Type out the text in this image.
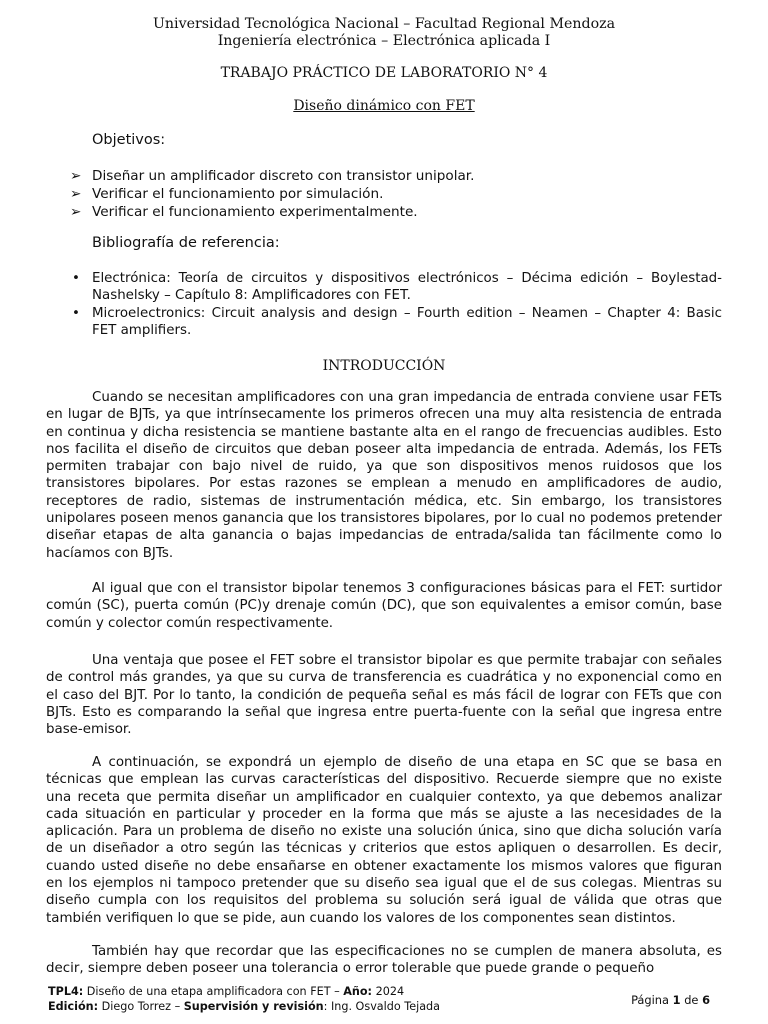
Universidad Tecnológica Nacional – Facultad Regional Mendoza
Ingeniería electrónica – Electrónica aplicada I
TRABAJO PRÁCTICO DE LABORATORIO N° 4
Diseño dinámico con FET
Objetivos:
➢ Diseñar un amplificador discreto con transistor unipolar.
➢ Verificar el funcionamiento por simulación.
➢ Verificar el funcionamiento experimentalmente.
Bibliografía de referencia:
• Electrónica: Teoría de circuitos y dispositivos electrónicos – Décima edición – Boylestad-Nashelsky – Capítulo 8: Amplificadores con FET.
• Microelectronics: Circuit analysis and design – Fourth edition – Neamen – Chapter 4: Basic FET amplifiers.
INTRODUCCIÓN

Cuando se necesitan amplificadores con una gran impedancia de entrada conviene usar FETs en lugar de BJTs, ya que intrínsecamente los primeros ofrecen una muy alta resistencia de entrada en continua y dicha resistencia se mantiene bastante alta en el rango de frecuencias audibles. Esto nos facilita el diseño de circuitos que deban poseer alta impedancia de entrada. Además, los FETs permiten trabajar con bajo nivel de ruido, ya que son dispositivos menos ruidosos que los transistores bipolares. Por estas razones se emplean a menudo en amplificadores de audio, receptores de radio, sistemas de instrumentación médica, etc. Sin embargo, los transistores unipolares poseen menos ganancia que los transistores bipolares, por lo cual no podemos pretender diseñar etapas de alta ganancia o bajas impedancias de entrada/salida tan fácilmente como lo hacíamos con BJTs.

Al igual que con el transistor bipolar tenemos 3 configuraciones básicas para el FET: surtidor común (SC), puerta común (PC)y drenaje común (DC), que son equivalentes a emisor común, base común y colector común respectivamente.

Una ventaja que posee el FET sobre el transistor bipolar es que permite trabajar con señales de control más grandes, ya que su curva de transferencia es cuadrática y no exponencial como en el caso del BJT. Por lo tanto, la condición de pequeña señal es más fácil de lograr con FETs que con BJTs. Esto es comparando la señal que ingresa entre puerta-fuente con la señal que ingresa entre base-emisor.

A continuación, se expondrá un ejemplo de diseño de una etapa en SC que se basa en técnicas que emplean las curvas características del dispositivo. Recuerde siempre que no existe una receta que permita diseñar un amplificador en cualquier contexto, ya que debemos analizar cada situación en particular y proceder en la forma que más se ajuste a las necesidades de la aplicación. Para un problema de diseño no existe una solución única, sino que dicha solución varía de un diseñador a otro según las técnicas y criterios que estos apliquen o desarrollen. Es decir, cuando usted diseñe no debe ensañarse en obtener exactamente los mismos valores que figuran en los ejemplos ni tampoco pretender que su diseño sea igual que el de sus colegas. Mientras su diseño cumpla con los requisitos del problema su solución será igual de válida que otras que también verifiquen lo que se pide, aun cuando los valores de los componentes sean distintos.

También hay que recordar que las especificaciones no se cumplen de manera absoluta, es decir, siempre deben poseer una tolerancia o error tolerable que puede grande o pequeño

TPL4: Diseño de una etapa amplificadora con FET – Año: 2024
Edición: Diego Torrez – Supervisión y revisión: Ing. Osvaldo Tejada	Página 1 de 6
